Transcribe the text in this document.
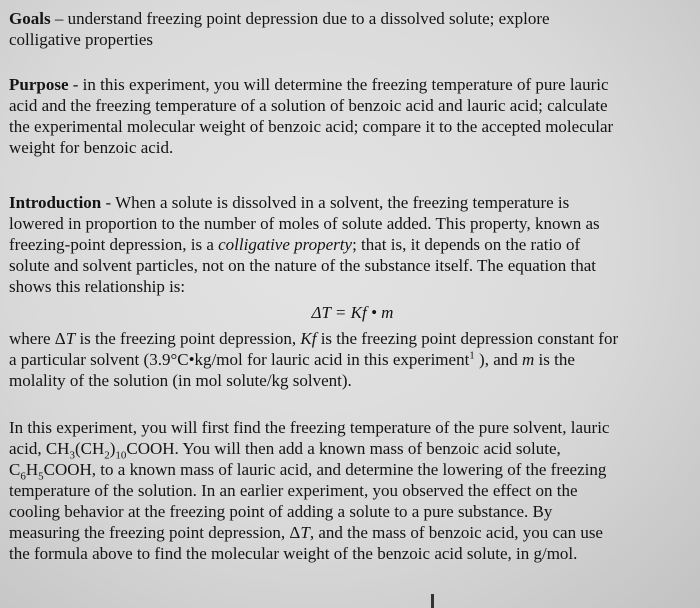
Goals – understand freezing point depression due to a dissolved solute; explore
colligative properties
Purpose - in this experiment, you will determine the freezing temperature of pure lauric
acid and the freezing temperature of a solution of benzoic acid and lauric acid; calculate
the experimental molecular weight of benzoic acid; compare it to the accepted molecular
weight for benzoic acid.
Introduction - When a solute is dissolved in a solvent, the freezing temperature is
lowered in proportion to the number of moles of solute added. This property, known as
freezing-point depression, is a colligative property; that is, it depends on the ratio of
solute and solvent particles, not on the nature of the substance itself. The equation that
shows this relationship is:
ΔT = Kf • m
where ΔT is the freezing point depression, Kf is the freezing point depression constant for
a particular solvent (3.9°C•kg/mol for lauric acid in this experiment$^1$ ), and m is the
molality of the solution (in mol solute/kg solvent).
In this experiment, you will first find the freezing temperature of the pure solvent, lauric
acid, $CH_3(CH_2)_{10}COOH$. You will then add a known mass of benzoic acid solute,
$C_6H_5COOH$, to a known mass of lauric acid, and determine the lowering of the freezing
temperature of the solution. In an earlier experiment, you observed the effect on the
cooling behavior at the freezing point of adding a solute to a pure substance. By
measuring the freezing point depression, ΔT, and the mass of benzoic acid, you can use
the formula above to find the molecular weight of the benzoic acid solute, in g/mol.
